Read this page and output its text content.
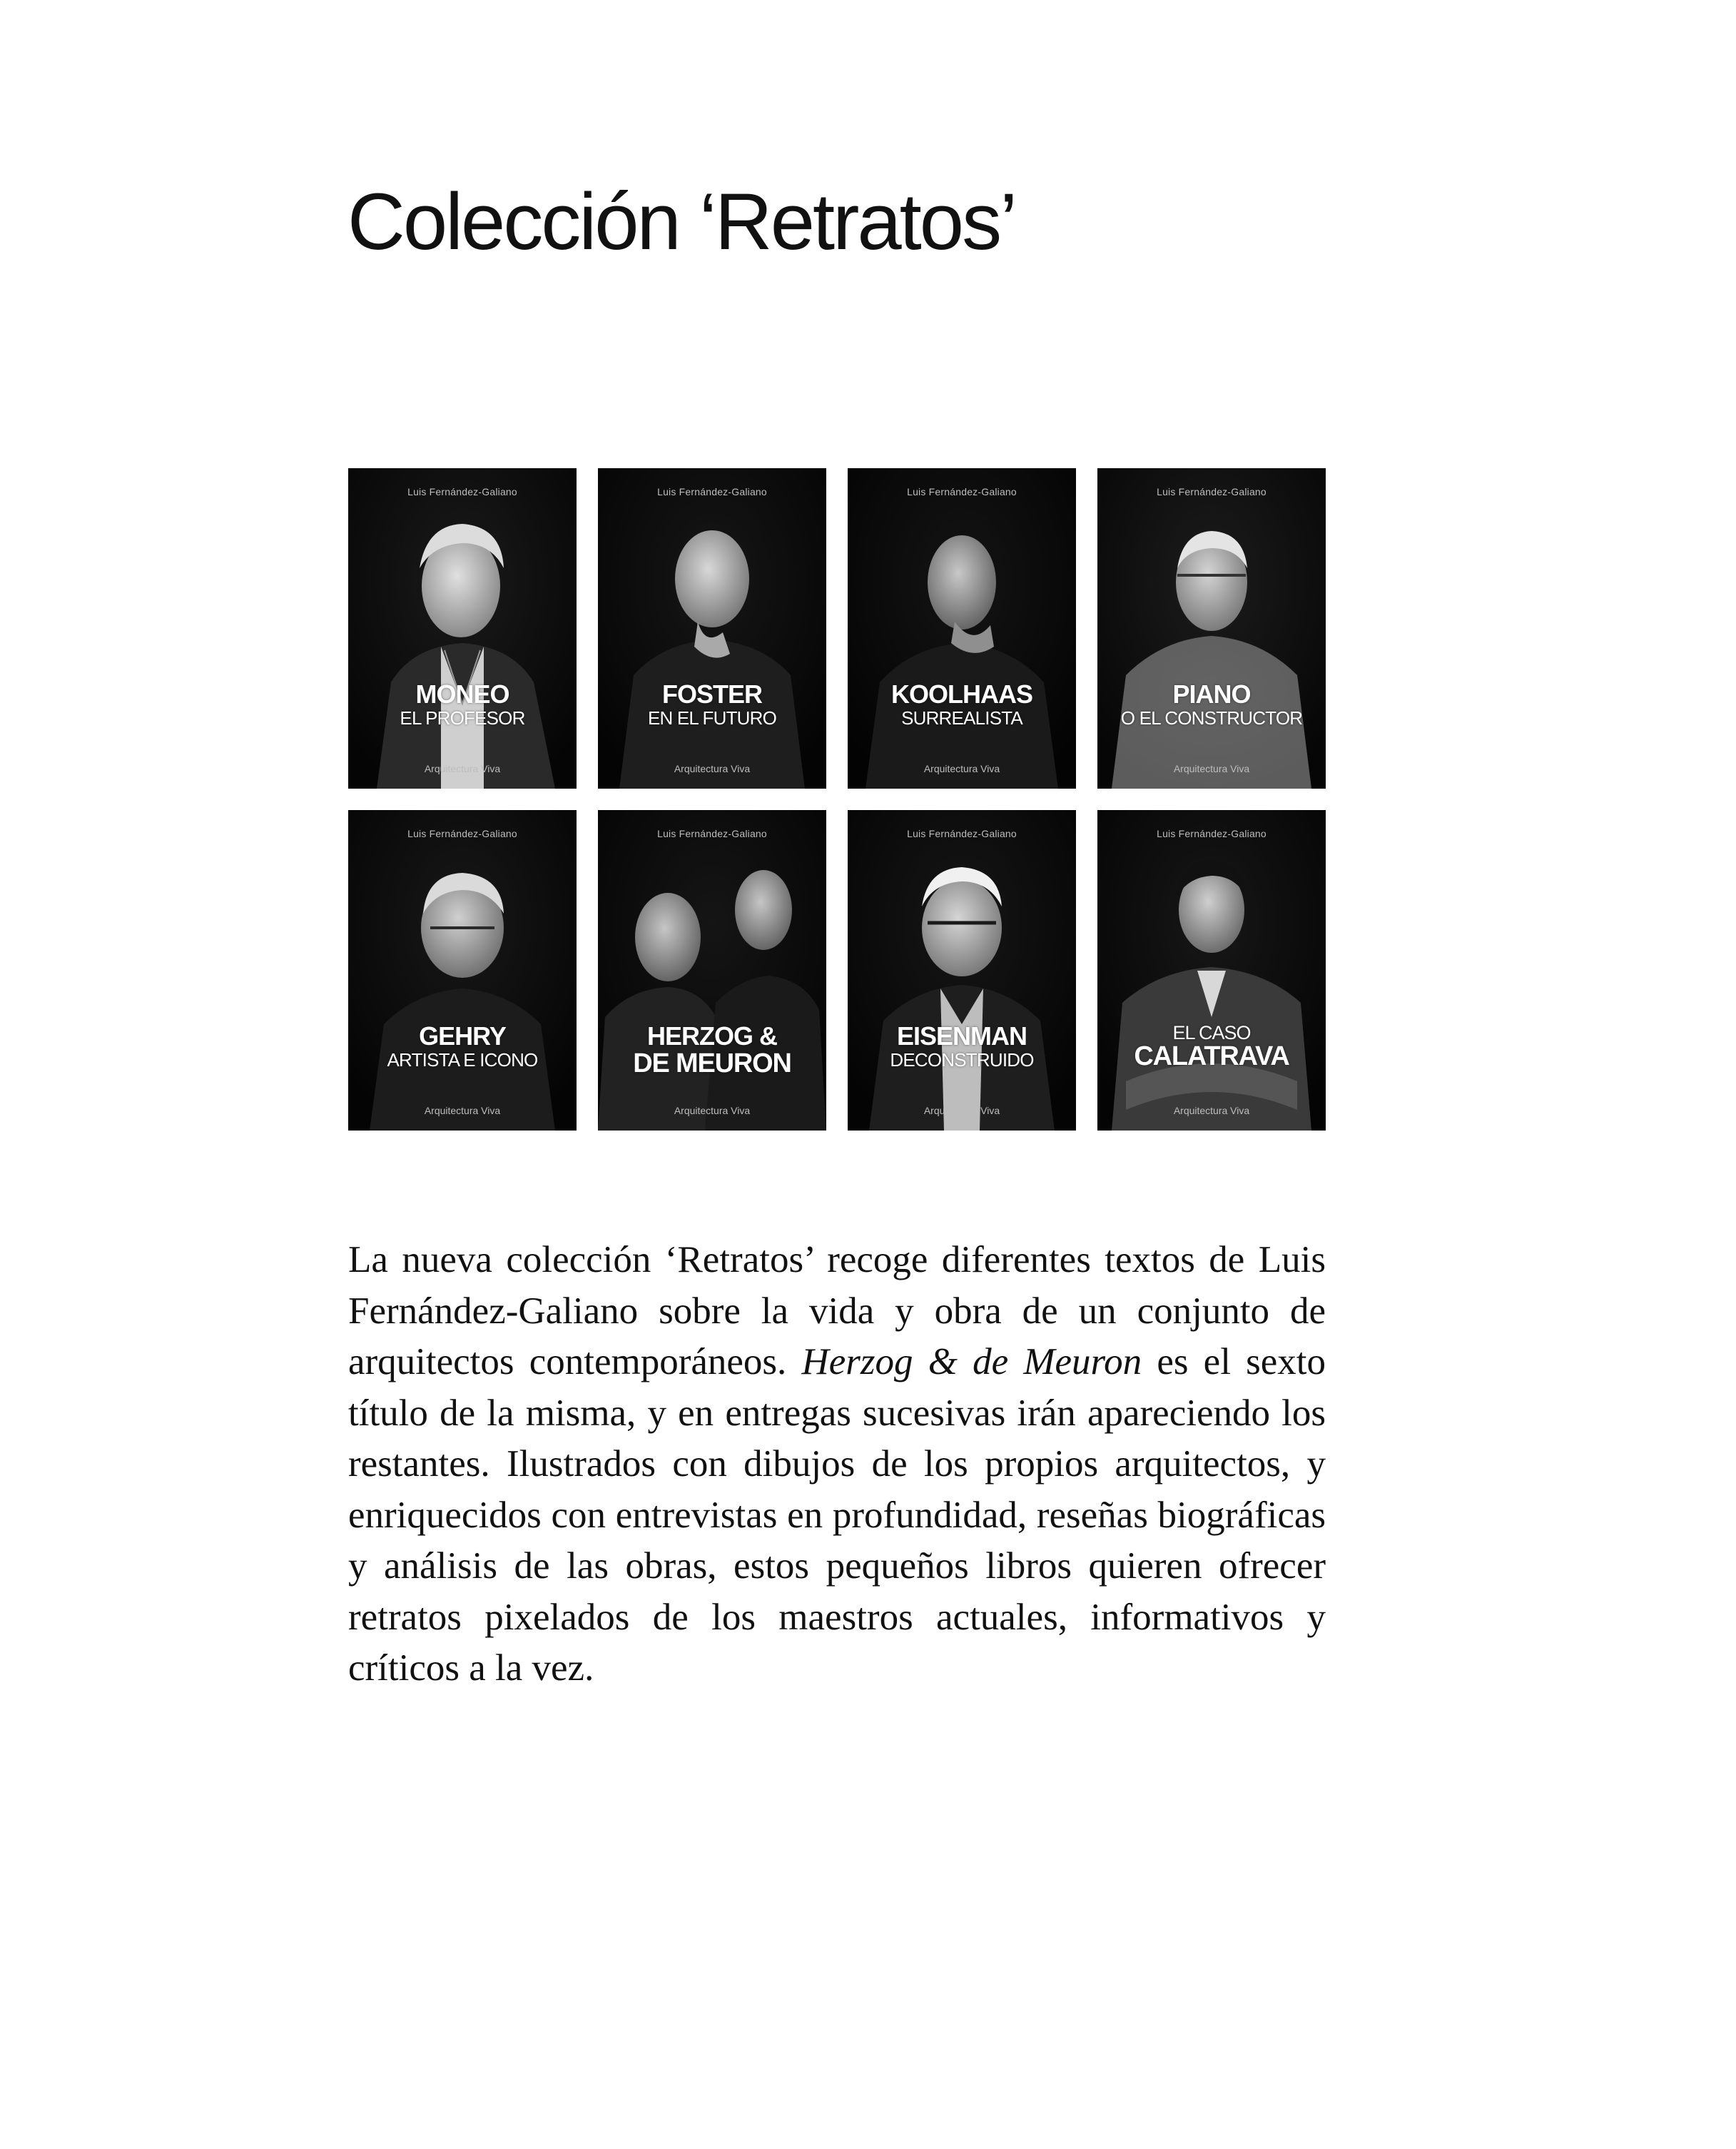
Colección ‘Retratos’
Luis Fernández-Galiano
MONEO
EL PROFESOR
Arquitectura Viva
Luis Fernández-Galiano
FOSTER
EN EL FUTURO
Arquitectura Viva
Luis Fernández-Galiano
KOOLHAAS
SURREALISTA
Arquitectura Viva
Luis Fernández-Galiano
PIANO
O EL CONSTRUCTOR
Arquitectura Viva
Luis Fernández-Galiano
GEHRY
ARTISTA E ICONO
Arquitectura Viva
Luis Fernández-Galiano
HERZOG &
DE MEURON
Arquitectura Viva
Luis Fernández-Galiano
EISENMAN
DECONSTRUIDO
Arquitectura Viva
Luis Fernández-Galiano
EL CASO
CALATRAVA
Arquitectura Viva

La nueva colección ‘Retratos’ recoge diferentes textos de Luis Fernández-Galiano sobre la vida y obra de un conjunto de arquitectos contemporáneos. Herzog & de Meuron es el sexto título de la misma, y en entregas sucesivas irán apareciendo los restantes. Ilustrados con dibujos de los propios arquitectos, y enriquecidos con entrevistas en profundidad, reseñas biográficas y análisis de las obras, estos pequeños libros quieren ofrecer retratos pixelados de los maestros actuales, informativos y críticos a la vez.
